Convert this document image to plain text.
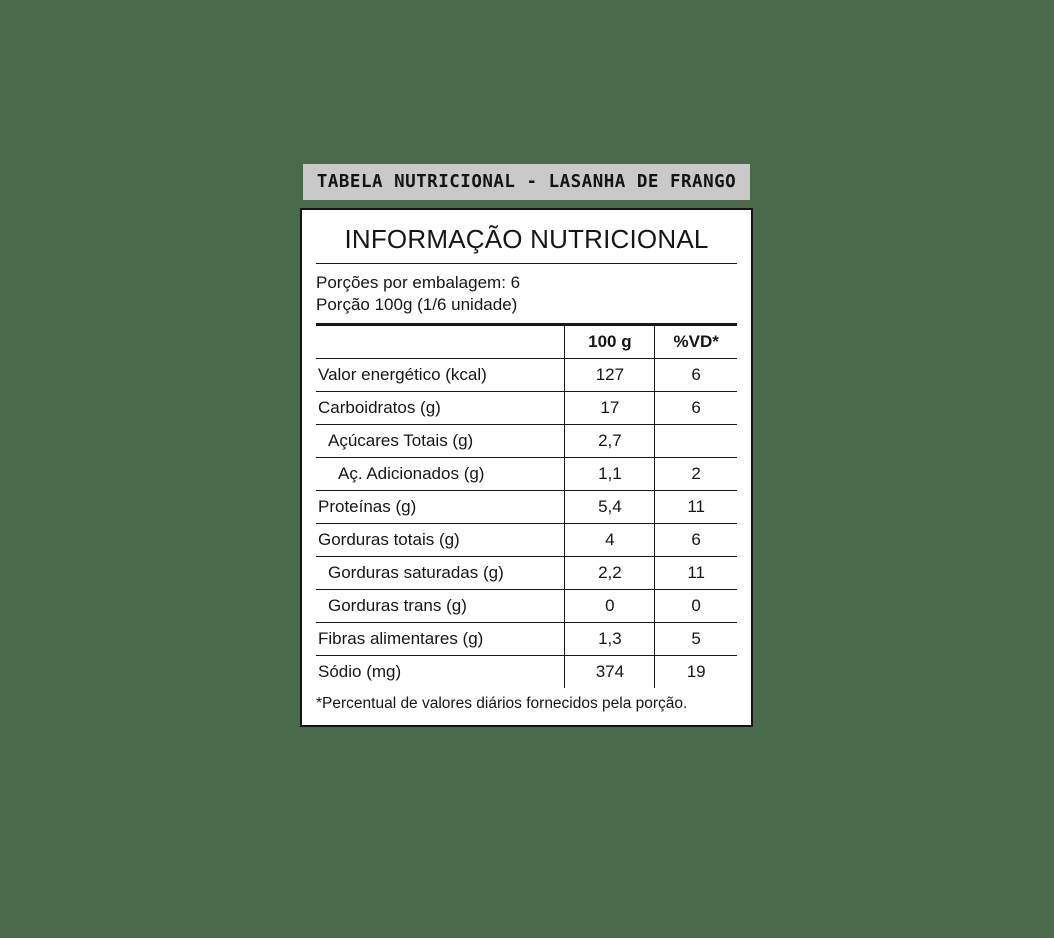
TABELA NUTRICIONAL - LASANHA DE FRANGO
INFORMAÇÃO NUTRICIONAL
Porções por embalagem: 6
Porção 100g (1/6 unidade)
	100 g	%VD*
Valor energético (kcal)	127	6
Carboidratos (g)	17	6
Açúcares Totais (g)	2,7	
Aç. Adicionados (g)	1,1	2
Proteínas (g)	5,4	11
Gorduras totais (g)	4	6
Gorduras saturadas (g)	2,2	11
Gorduras trans (g)	0	0
Fibras alimentares (g)	1,3	5
Sódio (mg)	374	19
*Percentual de valores diários fornecidos pela porção.
